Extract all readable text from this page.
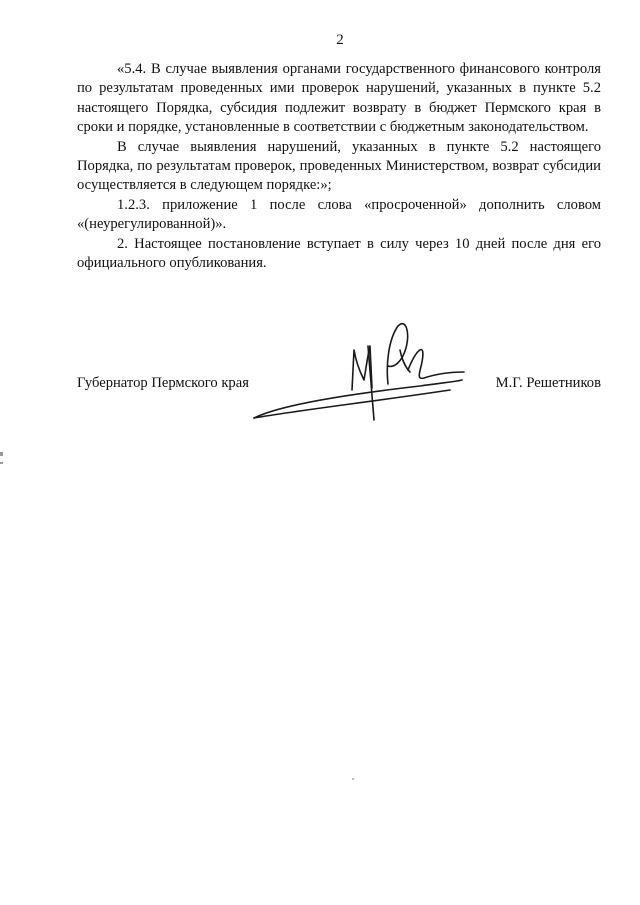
2

«5.4. В случае выявления органами государственного финансового контроля по результатам проведенных ими проверок нарушений, указанных в пункте 5.2 настоящего Порядка, субсидия подлежит возврату в бюджет Пермского края в сроки и порядке, установленные в соответствии с бюджетным законодательством.

В случае выявления нарушений, указанных в пункте 5.2 настоящего Порядка, по результатам проверок, проведенных Министерством, возврат субсидии осуществляется в следующем порядке:»;

1.2.3. приложение 1 после слова «просроченной» дополнить словом «(неурегулированной)».

2. Настоящее постановление вступает в силу через 10 дней после дня его официального опубликования.

Губернатор Пермского края	М.Г. Решетников
